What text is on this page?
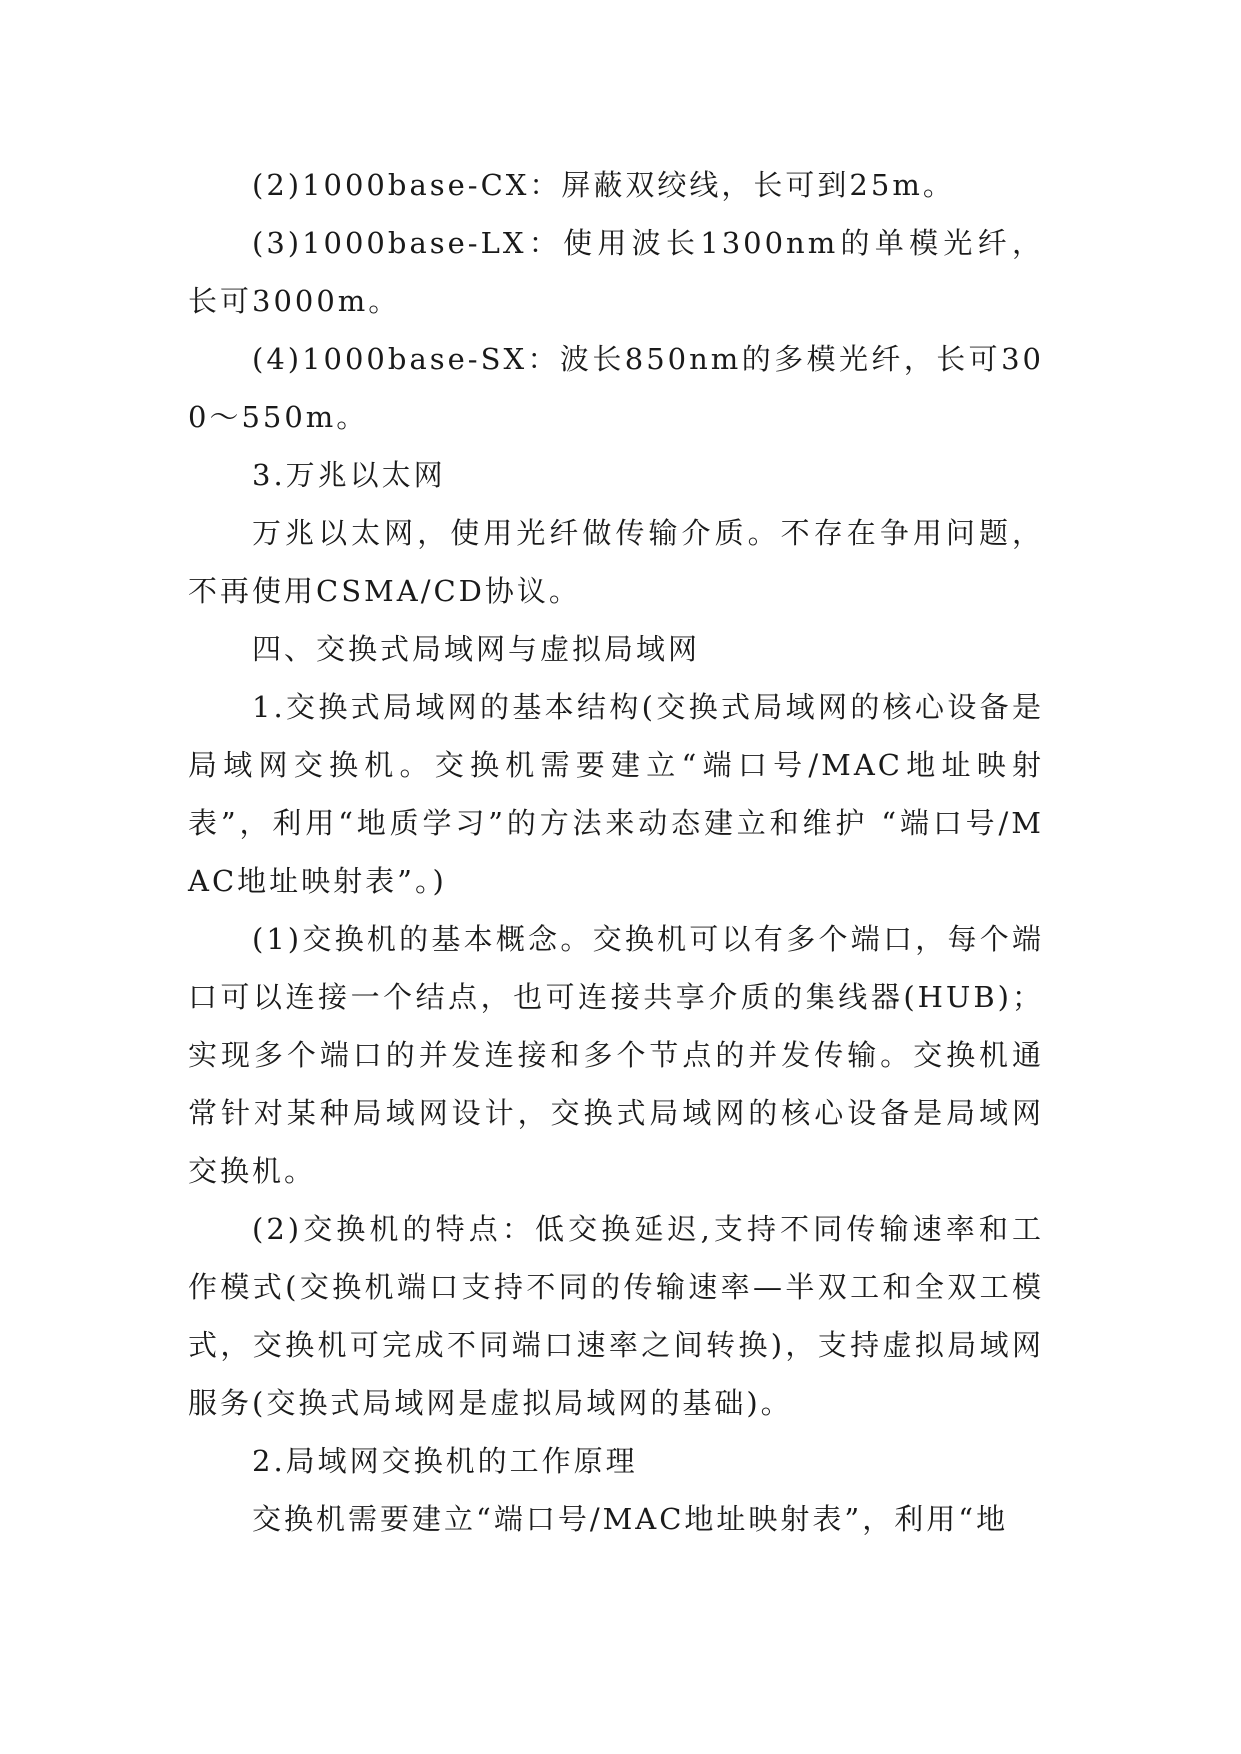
(2)1000base-CX：屏蔽双绞线，长可到25m。

(3)1000base-LX：使用波长1300nm的单模光纤，长可3000m。

(4)1000base-SX：波长850nm的多模光纤，长可300～550m。

3.万兆以太网

万兆以太网，使用光纤做传输介质。不存在争用问题，不再使用CSMA/CD协议。

四、交换式局域网与虚拟局域网

1.交换式局域网的基本结构(交换式局域网的核心设备是局域网交换机。交换机需要建立“端口号/MAC地址映射表”，利用“地质学习”的方法来动态建立和维护 “端口号/MAC地址映射表”。)

(1)交换机的基本概念。交换机可以有多个端口，每个端口可以连接一个结点，也可连接共享介质的集线器(HUB)；实现多个端口的并发连接和多个节点的并发传输。交换机通常针对某种局域网设计，交换式局域网的核心设备是局域网交换机。

(2)交换机的特点：低交换延迟,支持不同传输速率和工作模式(交换机端口支持不同的传输速率—半双工和全双工模式，交换机可完成不同端口速率之间转换)，支持虚拟局域网服务(交换式局域网是虚拟局域网的基础)。

2.局域网交换机的工作原理

交换机需要建立“端口号/MAC地址映射表”，利用“地
